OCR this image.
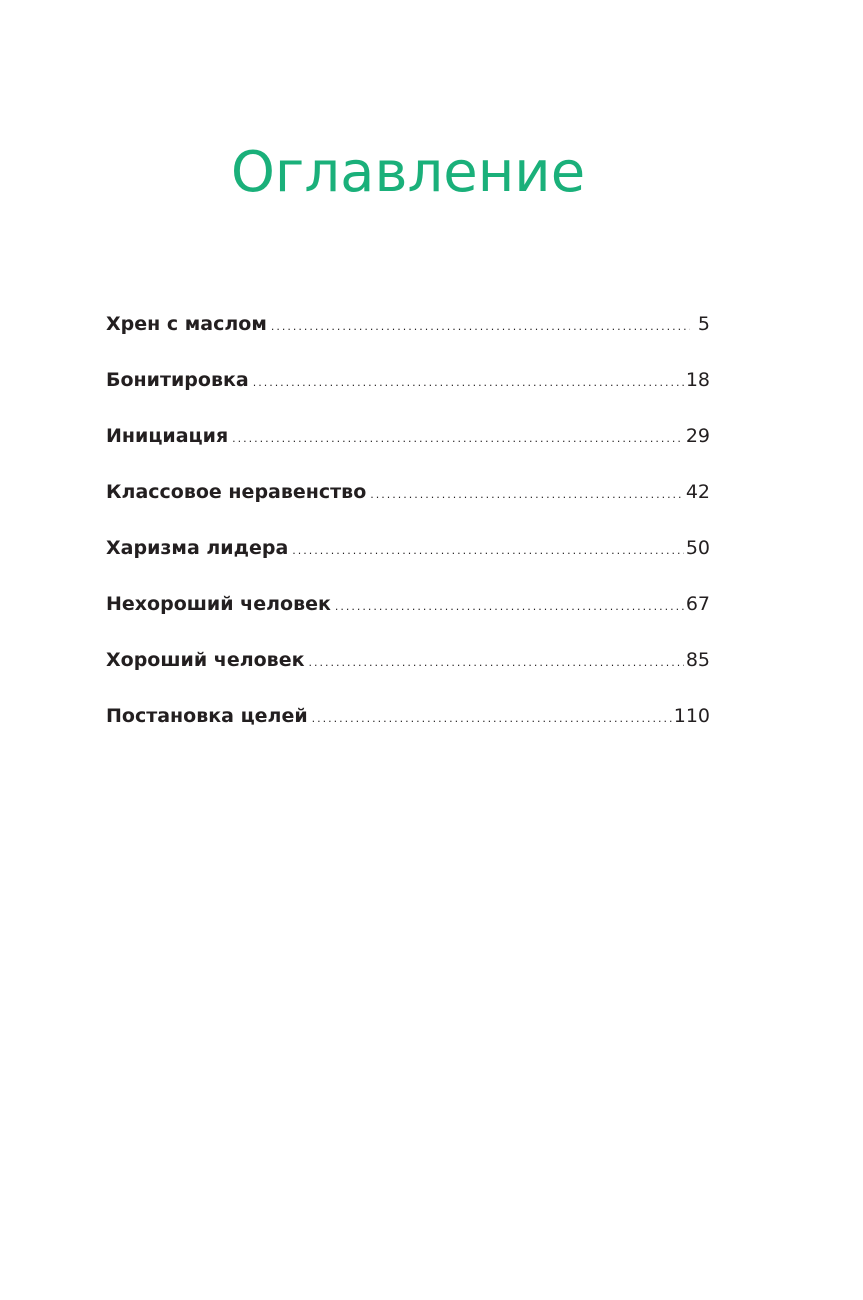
Оглавление
Хрен с маслом .....	5
Бонитировка .....	18
Инициация .....	29
Классовое неравенство .....	42
Харизма лидера .....	50
Нехороший человек .....	67
Хороший человек .....	85
Постановка целей .....	110
